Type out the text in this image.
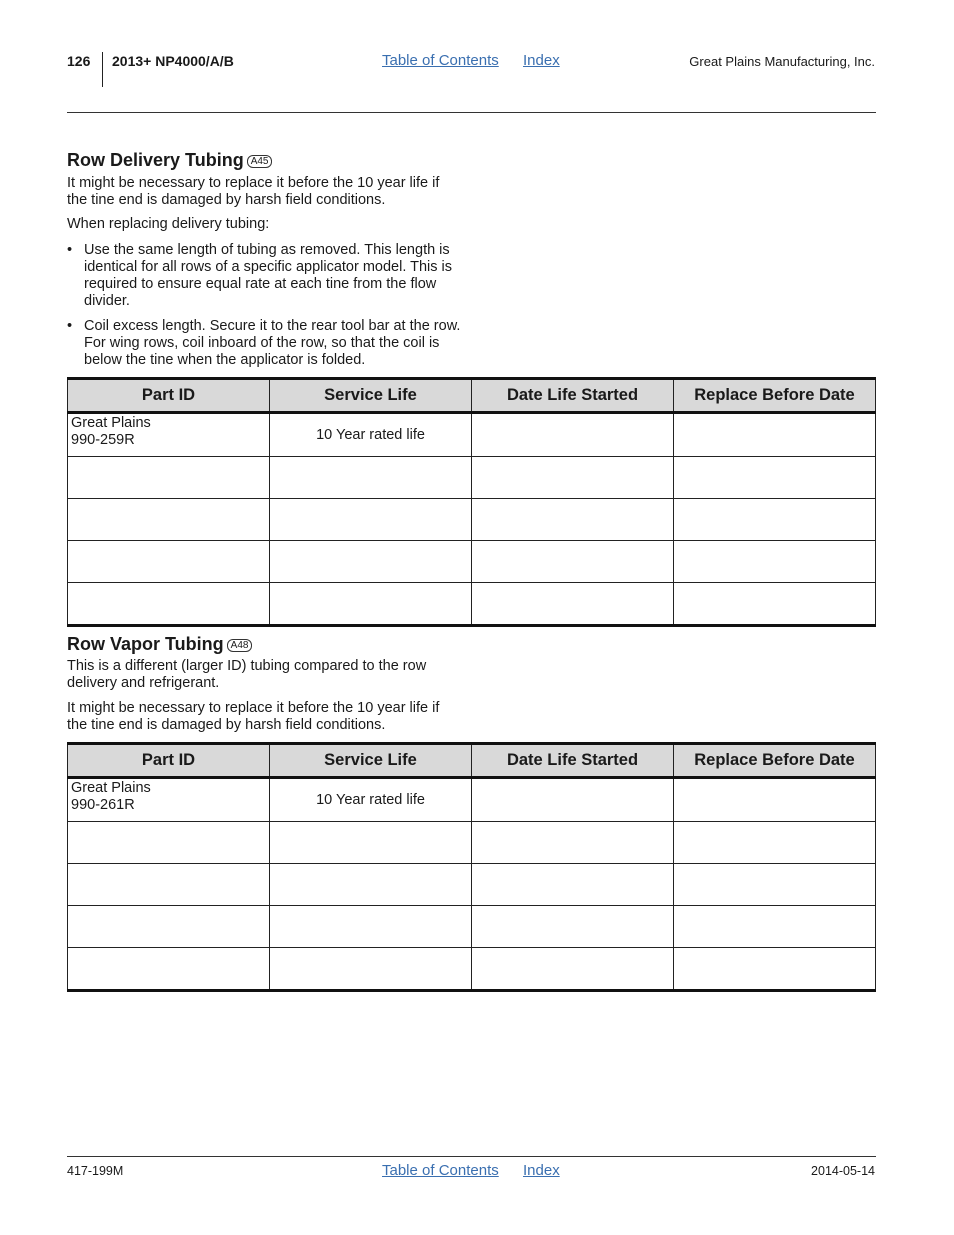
126 2013+ NP4000/A/B	Table of Contents Index	Great Plains Manufacturing, Inc.
Row Delivery Tubing A45

It might be necessary to replace it before the 10 year life if the tine end is damaged by harsh field conditions.

When replacing delivery tubing:

• Use the same length of tubing as removed. This length is identical for all rows of a specific applicator model. This is required to ensure equal rate at each tine from the flow divider.
• Coil excess length. Secure it to the rear tool bar at the row. For wing rows, coil inboard of the row, so that the coil is below the tine when the applicator is folded.
Part ID	Service Life	Date Life Started	Replace Before Date
Great Plains
990-259R	10 Year rated life		

Row Vapor Tubing A48

This is a different (larger ID) tubing compared to the row delivery and refrigerant.

It might be necessary to replace it before the 10 year life if the tine end is damaged by harsh field conditions.

Part ID	Service Life	Date Life Started	Replace Before Date
Great Plains
990-261R	10 Year rated life		

417-199M	Table of Contents Index	2014-05-14
